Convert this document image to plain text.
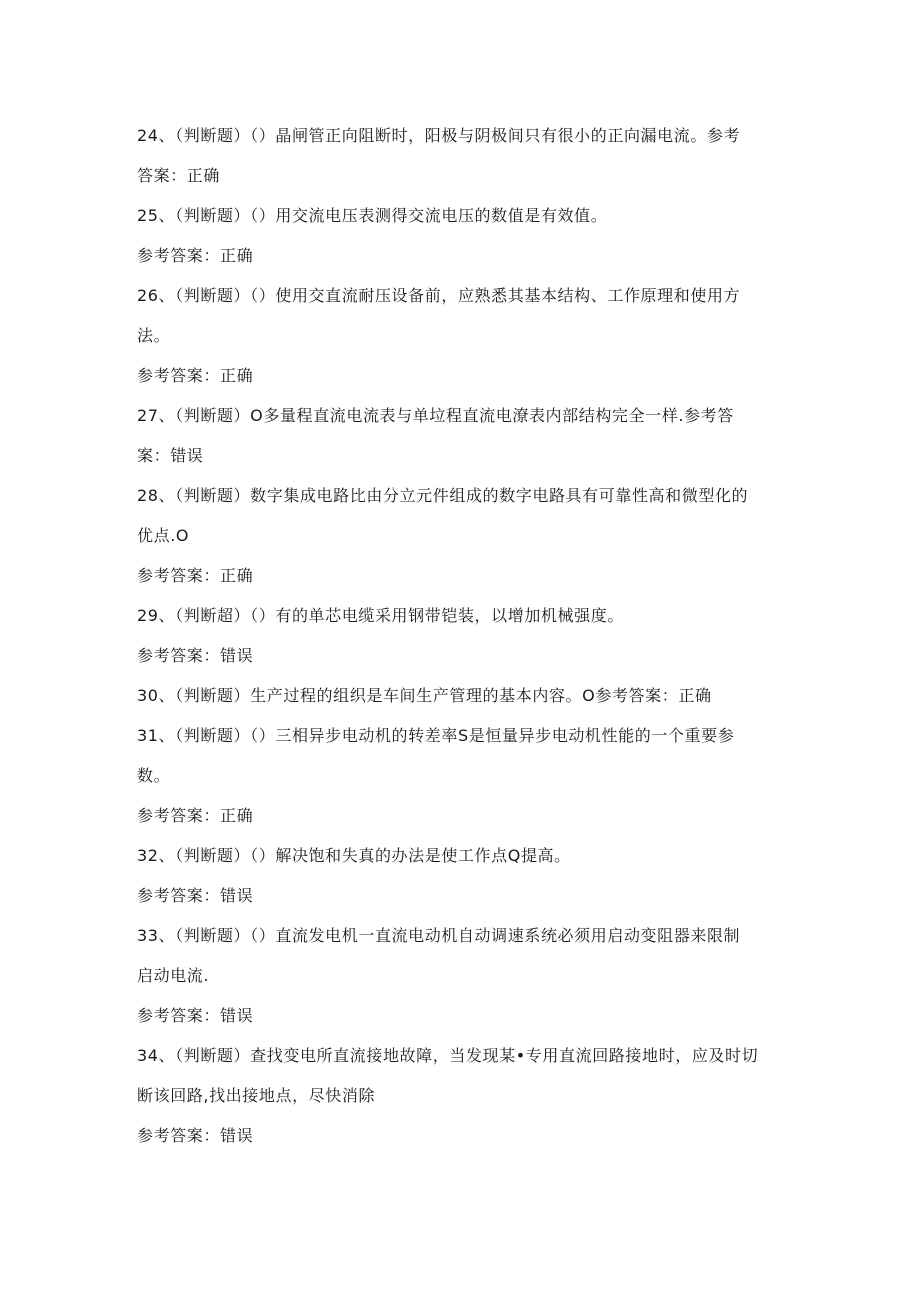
24、（判断题）（）晶闸管正向阻断时，阳极与阴极间只有很小的正向漏电流。参考
答案：正确
25、（判断题）（）用交流电压表测得交流电压的数值是有效值。
参考答案：正确
26、（判断题）（）使用交直流耐压设备前，应熟悉其基本结构、工作原理和使用方
法。
参考答案：正确
27、（判断题）O多量程直流电流表与单垃程直流电潦表内部结构完全一样.参考答
案：错误
28、（判断题）数字集成电路比由分立元件组成的数字电路具有可靠性高和微型化的
优点.O
参考答案：正确
29、（判断超）（）有的单芯电缆采用钢带铠装，以增加机械强度。
参考答案：错误
30、（判断题）生产过程的组织是车间生产管理的基本内容。O参考答案：正确
31、（判断题）（）三相异步电动机的转差率S是恒量异步电动机性能的一个重要参
数。
参考答案：正确
32、（判断题）（）解决饱和失真的办法是使工作点Q提高。
参考答案：错误
33、（判断题）（）直流发电机一直流电动机自动调速系统必须用启动变阻器来限制
启动电流.
参考答案：错误
34、（判断题）查找变电所直流接地故障，当发现某•专用直流回路接地时，应及时切
断该回路,找出接地点，尽快消除
参考答案：错误
